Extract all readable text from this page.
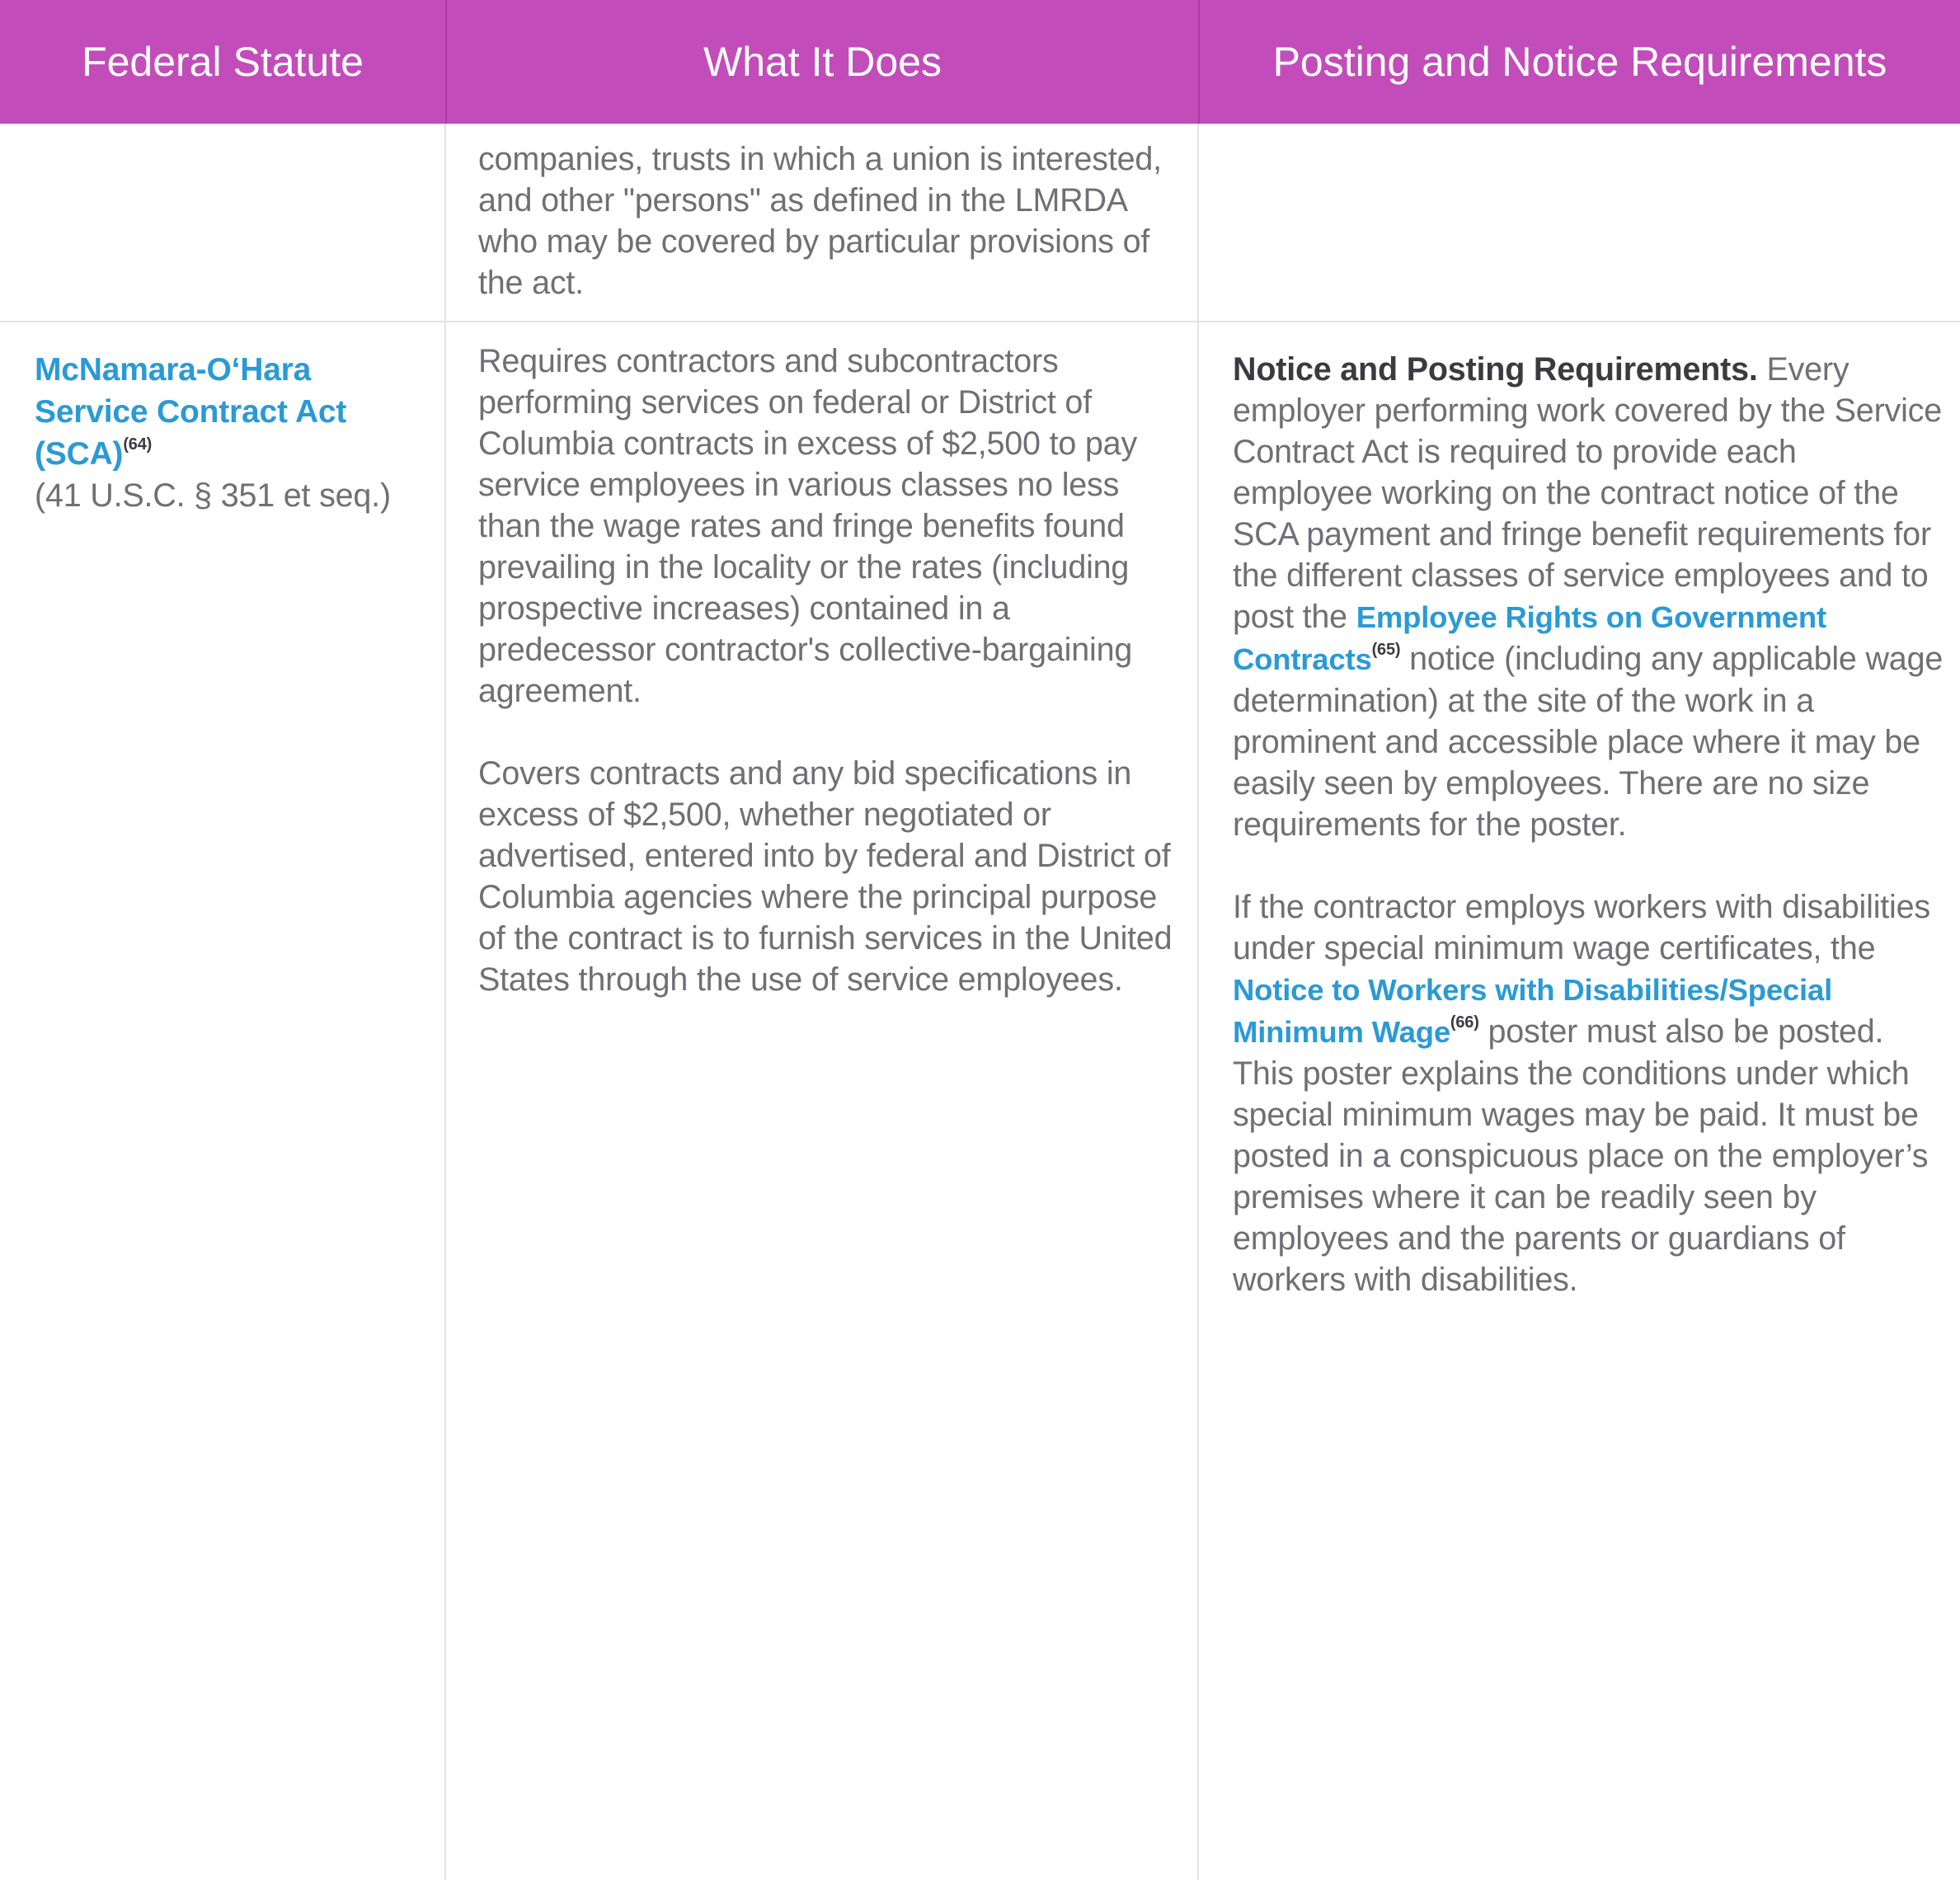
Federal Statute	What It Does	Posting and Notice Requirements

companies, trusts in which a union is interested, and other "persons" as defined in the LMRDA who may be covered by particular provisions of the act.

McNamara-O‘Hara Service Contract Act (SCA)$^{(64)}$
(41 U.S.C. § 351 et seq.)

Requires contractors and subcontractors performing services on federal or District of Columbia contracts in excess of $2,500 to pay service employees in various classes no less than the wage rates and fringe benefits found prevailing in the locality or the rates (including prospective increases) contained in a predecessor contractor's collective-bargaining agreement.

Covers contracts and any bid specifications in excess of $2,500, whether negotiated or advertised, entered into by federal and District of Columbia agencies where the principal purpose of the contract is to furnish services in the United States through the use of service employees.

Notice and Posting Requirements. Every employer performing work covered by the Service Contract Act is required to provide each employee working on the contract notice of the SCA payment and fringe benefit requirements for the different classes of service employees and to post the Employee Rights on Government Contracts$^{(65)}$ notice (including any applicable wage determination) at the site of the work in a prominent and accessible place where it may be easily seen by employees. There are no size requirements for the poster.

If the contractor employs workers with disabilities under special minimum wage certificates, the Notice to Workers with Disabilities/Special Minimum Wage$^{(66)}$ poster must also be posted. This poster explains the conditions under which special minimum wages may be paid. It must be posted in a conspicuous place on the employer’s premises where it can be readily seen by employees and the parents or guardians of workers with disabilities.
